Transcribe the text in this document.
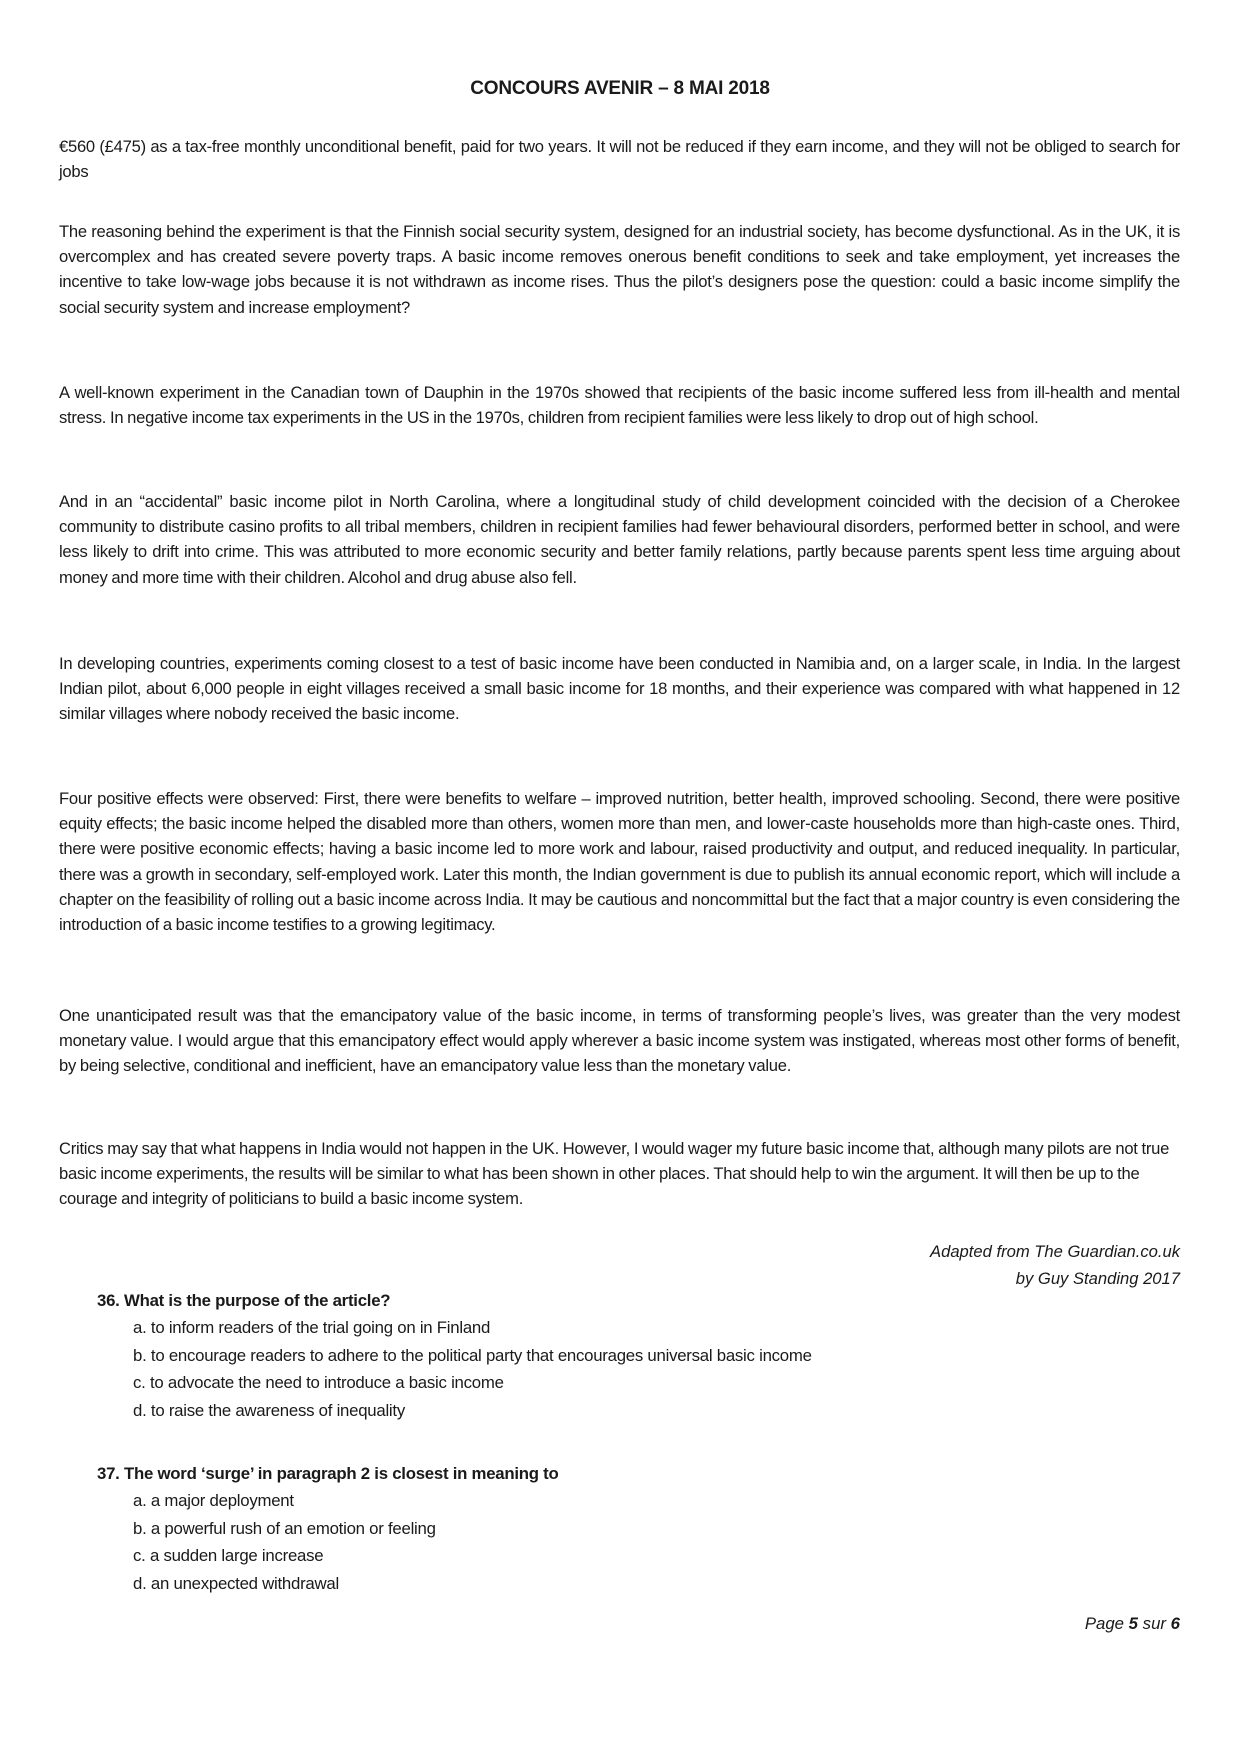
CONCOURS AVENIR – 8 MAI 2018

€560 (£475) as a tax-free monthly unconditional benefit, paid for two years. It will not be reduced if they earn income, and they will not be obliged to search for jobs

The reasoning behind the experiment is that the Finnish social security system, designed for an industrial society, has become dysfunctional. As in the UK, it is overcomplex and has created severe poverty traps. A basic income removes onerous benefit conditions to seek and take employment, yet increases the incentive to take low-wage jobs because it is not withdrawn as income rises. Thus the pilot’s designers pose the question: could a basic income simplify the social security system and increase employment?

A well-known experiment in the Canadian town of Dauphin in the 1970s showed that recipients of the basic income suffered less from ill-health and mental stress. In negative income tax experiments in the US in the 1970s, children from recipient families were less likely to drop out of high school.

And in an “accidental” basic income pilot in North Carolina, where a longitudinal study of child development coincided with the decision of a Cherokee community to distribute casino profits to all tribal members, children in recipient families had fewer behavioural disorders, performed better in school, and were less likely to drift into crime. This was attributed to more economic security and better family relations, partly because parents spent less time arguing about money and more time with their children. Alcohol and drug abuse also fell.

In developing countries, experiments coming closest to a test of basic income have been conducted in Namibia and, on a larger scale, in India. In the largest Indian pilot, about 6,000 people in eight villages received a small basic income for 18 months, and their experience was compared with what happened in 12 similar villages where nobody received the basic income.

Four positive effects were observed: First, there were benefits to welfare – improved nutrition, better health, improved schooling. Second, there were positive equity effects; the basic income helped the disabled more than others, women more than men, and lower-caste households more than high-caste ones. Third, there were positive economic effects; having a basic income led to more work and labour, raised productivity and output, and reduced inequality. In particular, there was a growth in secondary, self-employed work. Later this month, the Indian government is due to publish its annual economic report, which will include a chapter on the feasibility of rolling out a basic income across India. It may be cautious and noncommittal but the fact that a major country is even considering the introduction of a basic income testifies to a growing legitimacy.

One unanticipated result was that the emancipatory value of the basic income, in terms of transforming people’s lives, was greater than the very modest monetary value. I would argue that this emancipatory effect would apply wherever a basic income system was instigated, whereas most other forms of benefit, by being selective, conditional and inefficient, have an emancipatory value less than the monetary value.

Critics may say that what happens in India would not happen in the UK. However, I would wager my future basic income that, although many pilots are not true basic income experiments, the results will be similar to what has been shown in other places. That should help to win the argument. It will then be up to the courage and integrity of politicians to build a basic income system.

Adapted from The Guardian.co.uk
by Guy Standing 2017
36. What is the purpose of the article?
a. to inform readers of the trial going on in Finland
b. to encourage readers to adhere to the political party that encourages universal basic income
c. to advocate the need to introduce a basic income
d. to raise the awareness of inequality
37. The word ‘surge’ in paragraph 2 is closest in meaning to
a. a major deployment
b. a powerful rush of an emotion or feeling
c. a sudden large increase
d. an unexpected withdrawal
Page 5 sur 6
